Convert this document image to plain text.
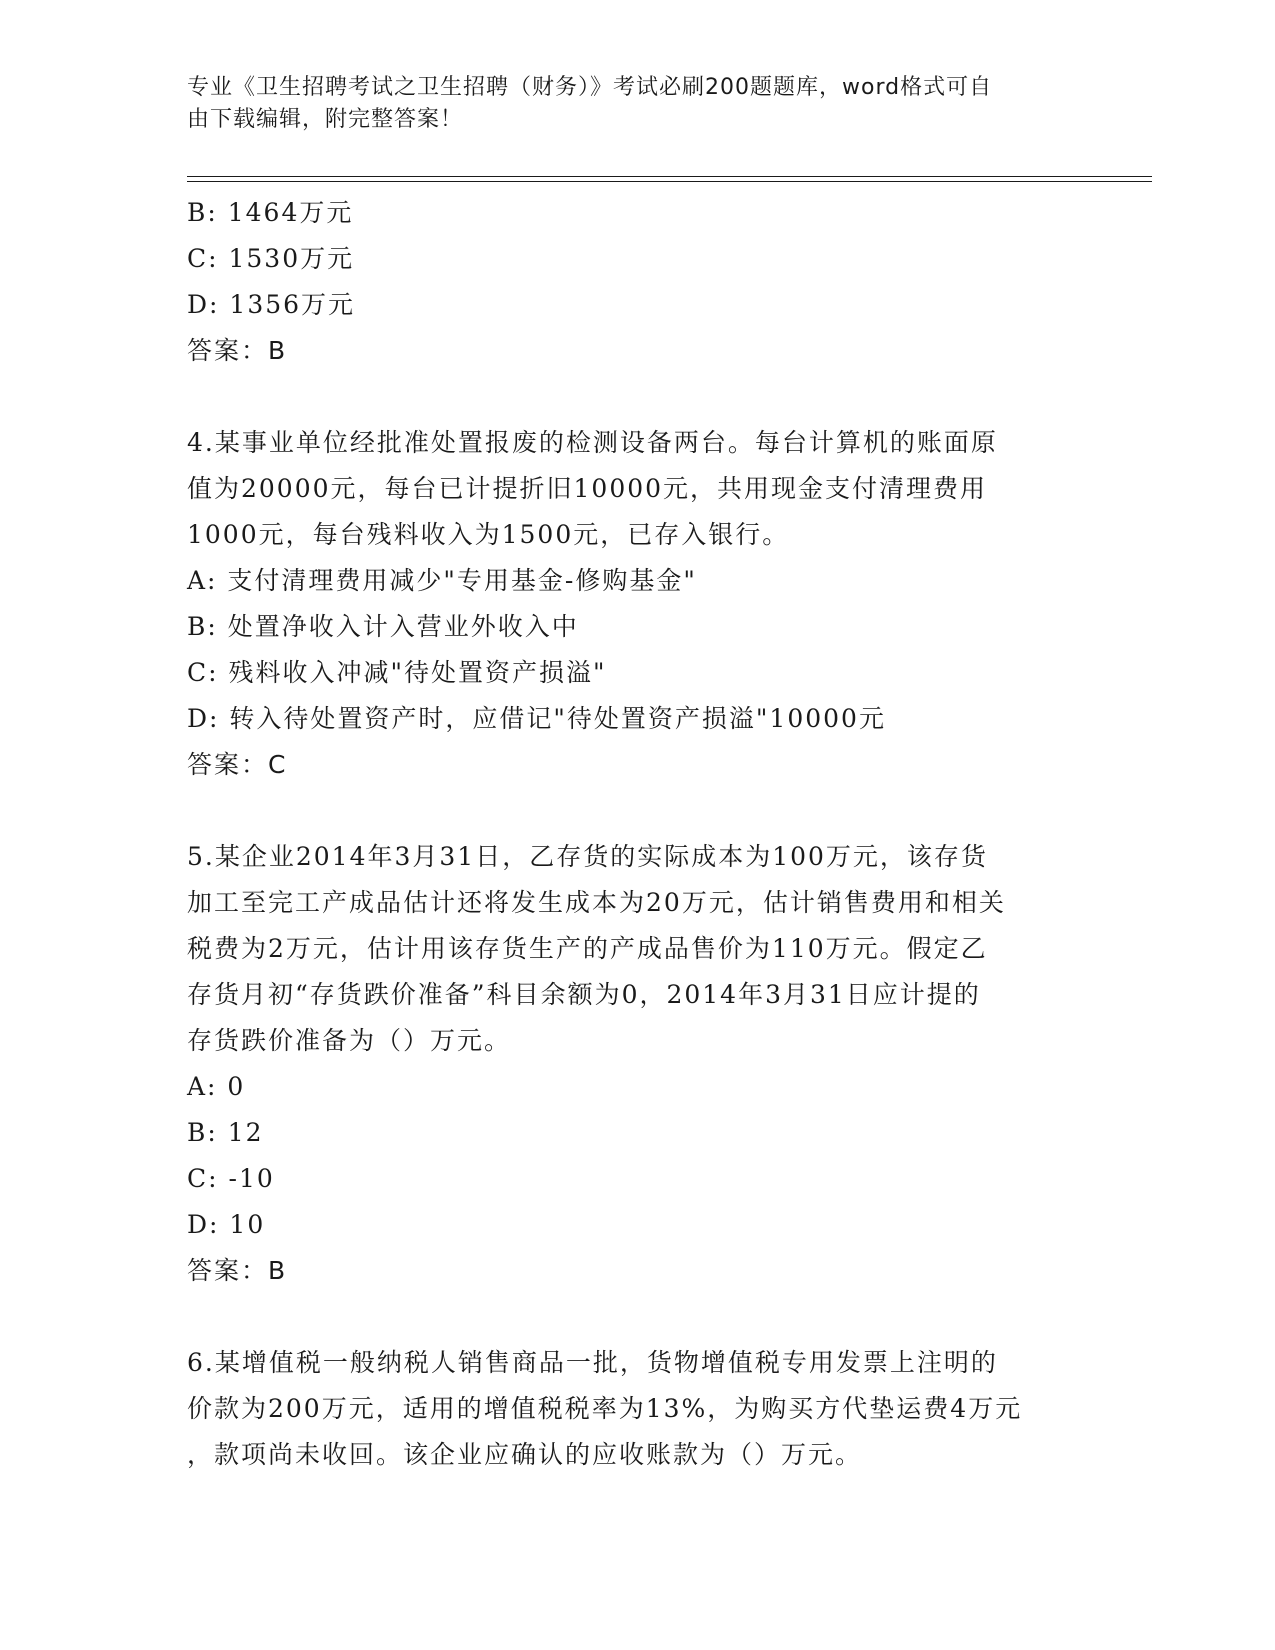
专业《卫生招聘考试之卫生招聘（财务）》考试必刷200题题库，word格式可自
由下载编辑，附完整答案！
B: 1464万元
C: 1530万元
D: 1356万元
答案：B
4.某事业单位经批准处置报废的检测设备两台。每台计算机的账面原
值为20000元，每台已计提折旧10000元，共用现金支付清理费用
1000元，每台残料收入为1500元，已存入银行。
A: 支付清理费用减少"专用基金-修购基金"
B: 处置净收入计入营业外收入中
C: 残料收入冲减"待处置资产损溢"
D: 转入待处置资产时，应借记"待处置资产损溢"10000元
答案：C
5.某企业2014年3月31日，乙存货的实际成本为100万元，该存货
加工至完工产成品估计还将发生成本为20万元，估计销售费用和相关
税费为2万元，估计用该存货生产的产成品售价为110万元。假定乙
存货月初“存货跌价准备”科目余额为0，2014年3月31日应计提的
存货跌价准备为（）万元。
A: 0
B: 12
C: -10
D: 10
答案：B
6.某增值税一般纳税人销售商品一批，货物增值税专用发票上注明的
价款为200万元，适用的增值税税率为13%，为购买方代垫运费4万元
，款项尚未收回。该企业应确认的应收账款为（）万元。
